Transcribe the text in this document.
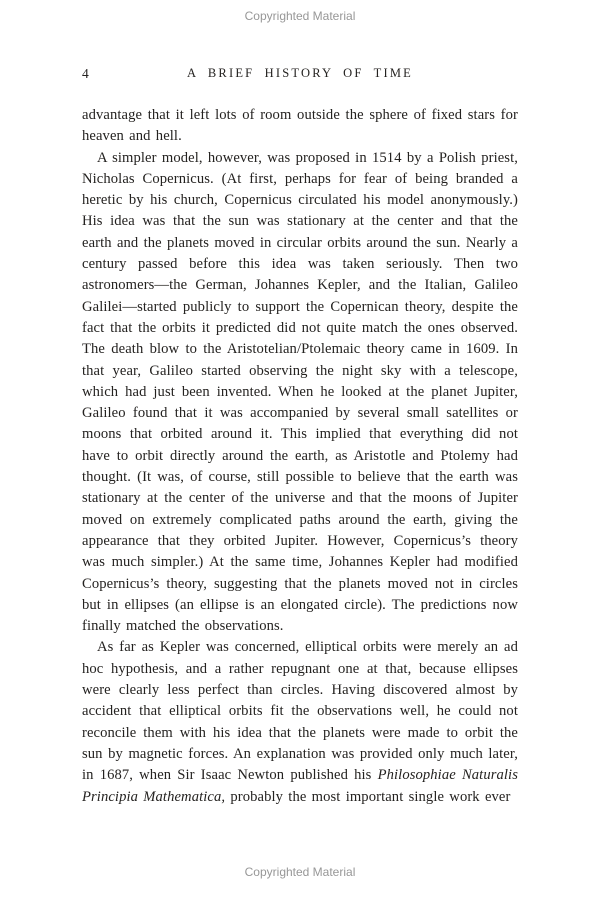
Copyrighted Material
4	A BRIEF HISTORY OF TIME

advantage that it left lots of room outside the sphere of fixed stars for heaven and hell.

A simpler model, however, was proposed in 1514 by a Polish priest, Nicholas Copernicus. (At first, perhaps for fear of being branded a heretic by his church, Copernicus circulated his model anonymously.) His idea was that the sun was stationary at the center and that the earth and the planets moved in circular orbits around the sun. Nearly a century passed before this idea was taken seriously. Then two astronomers—the German, Johannes Kepler, and the Italian, Galileo Galilei—started publicly to support the Copernican theory, despite the fact that the orbits it predicted did not quite match the ones observed. The death blow to the Aristotelian/Ptolemaic theory came in 1609. In that year, Galileo started observing the night sky with a telescope, which had just been invented. When he looked at the planet Jupiter, Galileo found that it was accompanied by several small satellites or moons that orbited around it. This implied that everything did not have to orbit directly around the earth, as Aristotle and Ptolemy had thought. (It was, of course, still possible to believe that the earth was stationary at the center of the universe and that the moons of Jupiter moved on extremely complicated paths around the earth, giving the appearance that they orbited Jupiter. However, Copernicus’s theory was much simpler.) At the same time, Johannes Kepler had modified Copernicus’s theory, suggesting that the planets moved not in circles but in ellipses (an ellipse is an elongated circle). The predictions now finally matched the observations.

As far as Kepler was concerned, elliptical orbits were merely an ad hoc hypothesis, and a rather repugnant one at that, because ellipses were clearly less perfect than circles. Having discovered almost by accident that elliptical orbits fit the observations well, he could not reconcile them with his idea that the planets were made to orbit the sun by magnetic forces. An explanation was provided only much later, in 1687, when Sir Isaac Newton published his Philosophiae Naturalis Principia Mathematica, probably the most important single work ever

Copyrighted Material
